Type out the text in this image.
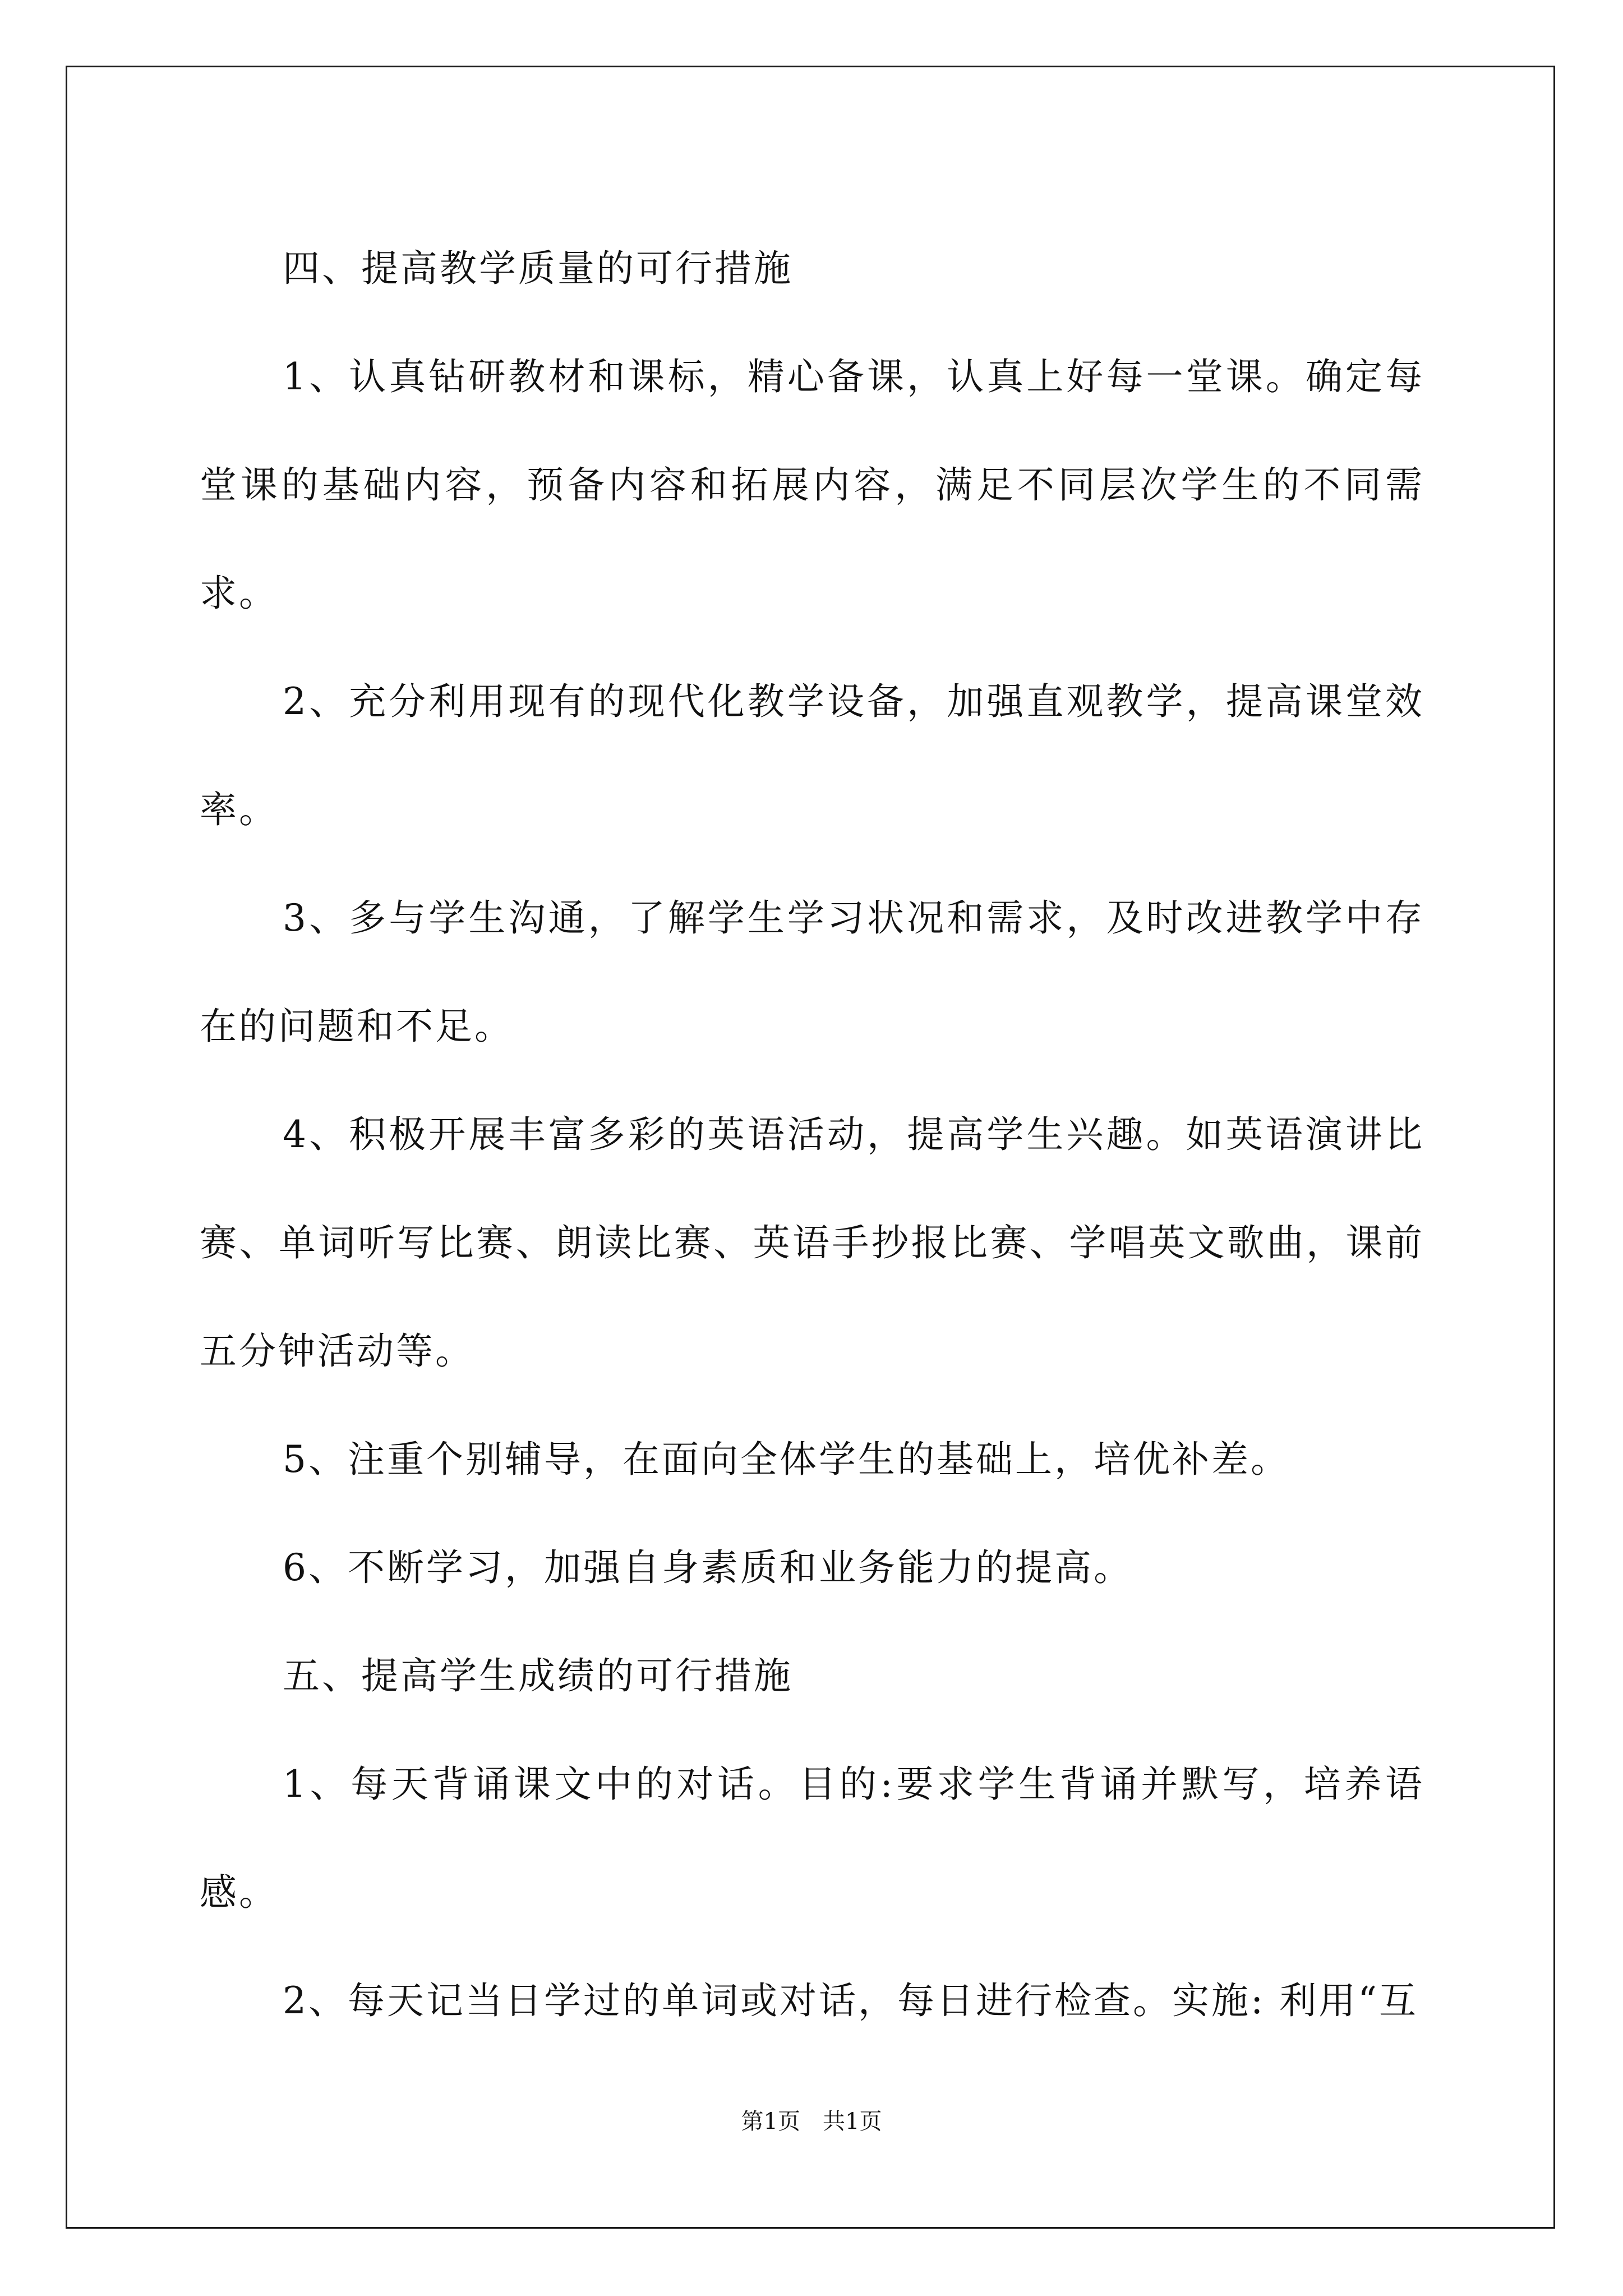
四、提高教学质量的可行措施

1、认真钻研教材和课标，精心备课，认真上好每一堂课。确定每堂课的基础内容，预备内容和拓展内容，满足不同层次学生的不同需求。

2、充分利用现有的现代化教学设备，加强直观教学，提高课堂效率。

3、多与学生沟通，了解学生学习状况和需求，及时改进教学中存在的问题和不足。

4、积极开展丰富多彩的英语活动，提高学生兴趣。如英语演讲比赛、单词听写比赛、朗读比赛、英语手抄报比赛、学唱英文歌曲，课前五分钟活动等。

5、注重个别辅导，在面向全体学生的基础上，培优补差。

6、不断学习，加强自身素质和业务能力的提高。

五、提高学生成绩的可行措施

1、每天背诵课文中的对话。目的:要求学生背诵并默写，培养语感。

2、每天记当日学过的单词或对话，每日进行检查。实施: 利用“互

第1页 共1页
